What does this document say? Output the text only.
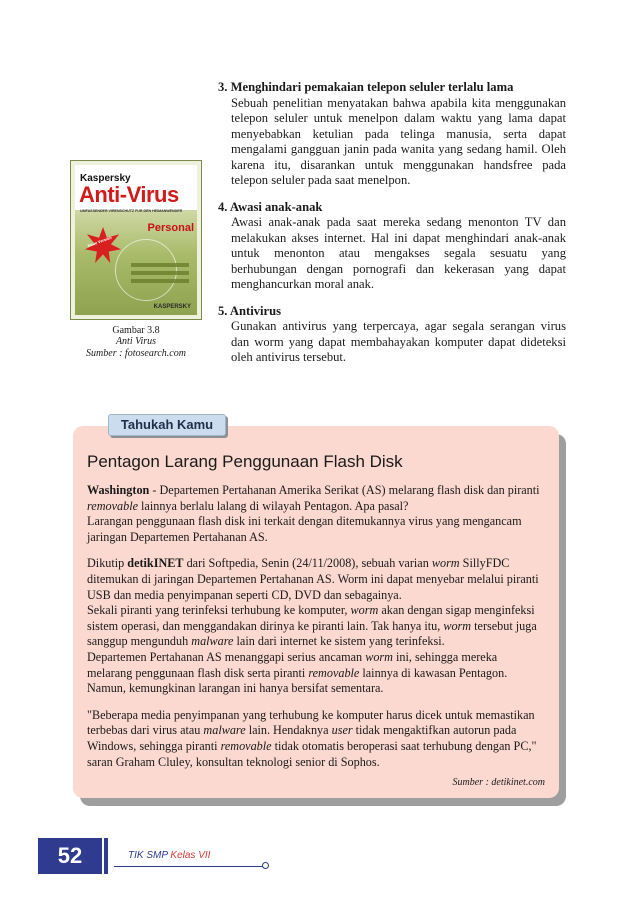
Kaspersky
Anti-Virus
UMFASSENDER VIRENSCHUTZ FÜR DEN HEIMANWENDER
Personal
Neue Version
KASPERSKY
Gambar 3.8
Anti Virus
Sumber : fotosearch.com
3. Menghindari pemakaian telepon seluler terlalu lama
Sebuah penelitian menyatakan bahwa apabila kita menggunakan telepon seluler untuk menelpon dalam waktu yang lama dapat menyebabkan ketulian pada telinga manusia, serta dapat mengalami gangguan janin pada wanita yang sedang hamil. Oleh karena itu, disarankan untuk menggunakan handsfree pada telepon seluler pada saat menelpon.
4. Awasi anak-anak
Awasi anak-anak pada saat mereka sedang menonton TV dan melakukan akses internet. Hal ini dapat menghindari anak-anak untuk menonton atau mengakses segala sesuatu yang berhubungan dengan pornografi dan kekerasan yang dapat menghancurkan moral anak.
5. Antivirus
Gunakan antivirus yang terpercaya, agar segala serangan virus dan worm yang dapat membahayakan komputer dapat dideteksi oleh antivirus tersebut.
Pentagon Larang Penggunaan Flash Disk
Washington - Departemen Pertahanan Amerika Serikat (AS) melarang flash disk dan piranti removable lainnya berlalu lalang di wilayah Pentagon. Apa pasal?
Larangan penggunaan flash disk ini terkait dengan ditemukannya virus yang mengancam jaringan Departemen Pertahanan AS.
Dikutip detikINET dari Softpedia, Senin (24/11/2008), sebuah varian worm SillyFDC ditemukan di jaringan Departemen Pertahanan AS. Worm ini dapat menyebar melalui piranti USB dan media penyimpanan seperti CD, DVD dan sebagainya.
Sekali piranti yang terinfeksi terhubung ke komputer, worm akan dengan sigap menginfeksi sistem operasi, dan menggandakan dirinya ke piranti lain. Tak hanya itu, worm tersebut juga sanggup mengunduh malware lain dari internet ke sistem yang terinfeksi.
Departemen Pertahanan AS menanggapi serius ancaman worm ini, sehingga mereka melarang penggunaan flash disk serta piranti removable lainnya di kawasan Pentagon. Namun, kemungkinan larangan ini hanya bersifat sementara.
"Beberapa media penyimpanan yang terhubung ke komputer harus dicek untuk memastikan terbebas dari virus atau malware lain. Hendaknya user tidak mengaktifkan autorun pada Windows, sehingga piranti removable tidak otomatis beroperasi saat terhubung dengan PC," saran Graham Cluley, konsultan teknologi senior di Sophos.
Sumber : detikinet.com
Tahukah Kamu
52	TIK SMP Kelas VII
